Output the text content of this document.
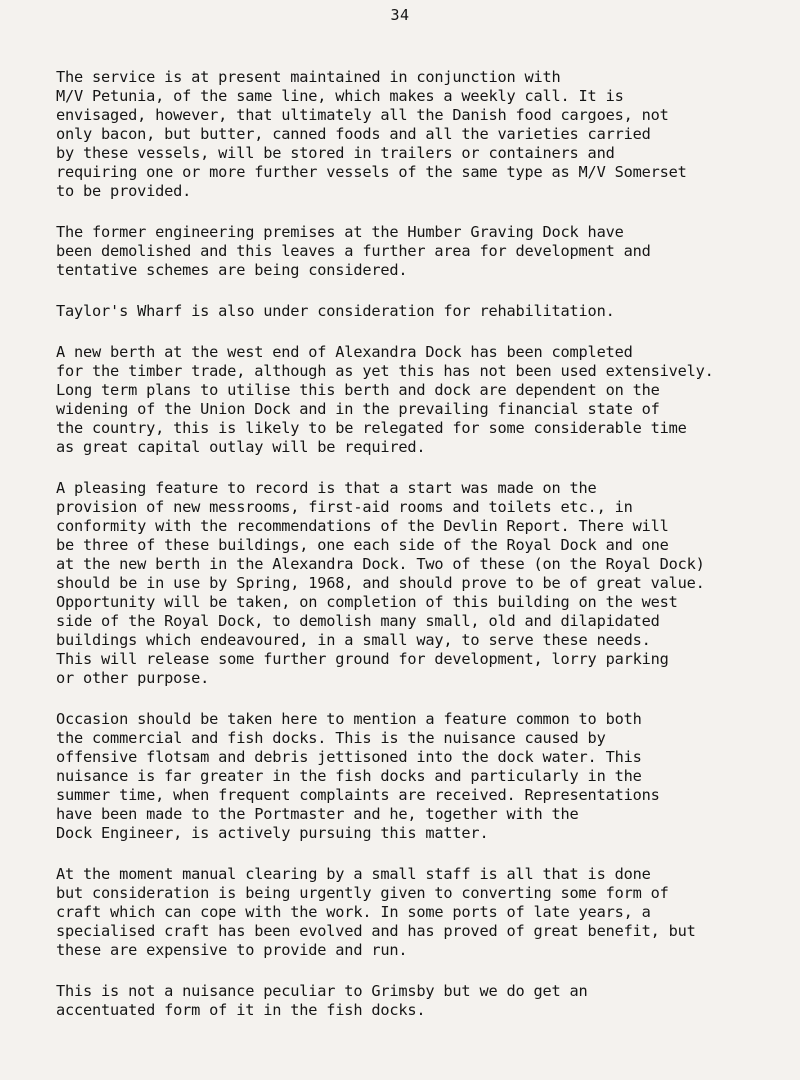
34
The service is at present maintained in conjunction with
M/V Petunia, of the same line, which makes a weekly call. It is
envisaged, however, that ultimately all the Danish food cargoes, not
only bacon, but butter, canned foods and all the varieties carried
by these vessels, will be stored in trailers or containers and
requiring one or more further vessels of the same type as M/V Somerset
to be provided.
The former engineering premises at the Humber Graving Dock have
been demolished and this leaves a further area for development and
tentative schemes are being considered.
Taylor's Wharf is also under consideration for rehabilitation.
A new berth at the west end of Alexandra Dock has been completed
for the timber trade, although as yet this has not been used extensively.
Long term plans to utilise this berth and dock are dependent on the
widening of the Union Dock and in the prevailing financial state of
the country, this is likely to be relegated for some considerable time
as great capital outlay will be required.
A pleasing feature to record is that a start was made on the
provision of new messrooms, first-aid rooms and toilets etc., in
conformity with the recommendations of the Devlin Report. There will
be three of these buildings, one each side of the Royal Dock and one
at the new berth in the Alexandra Dock. Two of these (on the Royal Dock)
should be in use by Spring, 1968, and should prove to be of great value.
Opportunity will be taken, on completion of this building on the west
side of the Royal Dock, to demolish many small, old and dilapidated
buildings which endeavoured, in a small way, to serve these needs.
This will release some further ground for development, lorry parking
or other purpose.
Occasion should be taken here to mention a feature common to both
the commercial and fish docks. This is the nuisance caused by
offensive flotsam and debris jettisoned into the dock water. This
nuisance is far greater in the fish docks and particularly in the
summer time, when frequent complaints are received. Representations
have been made to the Portmaster and he, together with the
Dock Engineer, is actively pursuing this matter.
At the moment manual clearing by a small staff is all that is done
but consideration is being urgently given to converting some form of
craft which can cope with the work. In some ports of late years, a
specialised craft has been evolved and has proved of great benefit, but
these are expensive to provide and run.
This is not a nuisance peculiar to Grimsby but we do get an
accentuated form of it in the fish docks.
